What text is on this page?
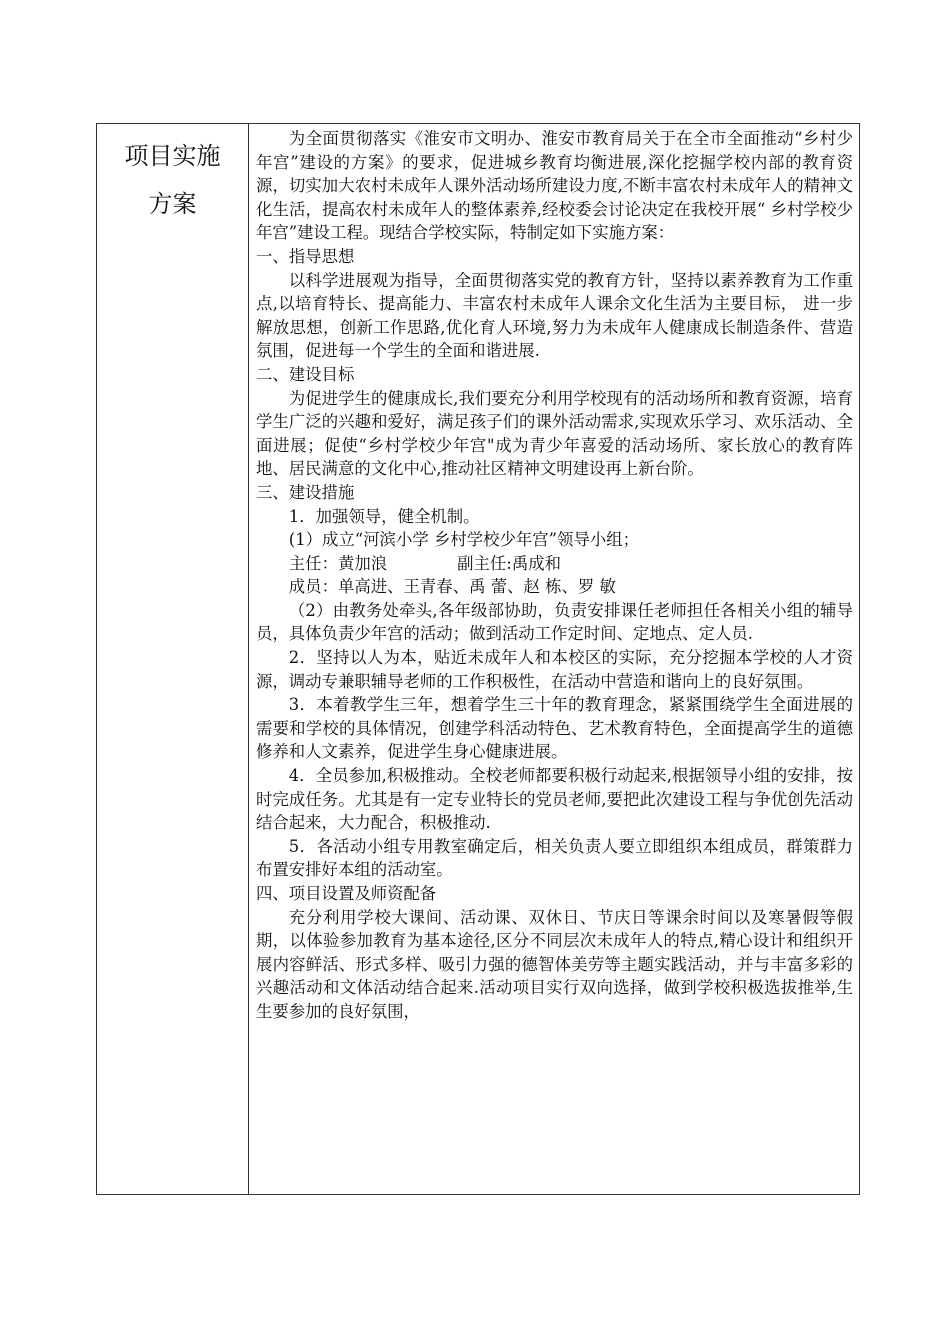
项目实施
方案

为全面贯彻落实《淮安市文明办、淮安市教育局关于在全市全面推动“乡村少年宫”建设的方案》的要求，促进城乡教育均衡进展,深化挖掘学校内部的教育资源，切实加大农村未成年人课外活动场所建设力度,不断丰富农村未成年人的精神文化生活，提高农村未成年人的整体素养,经校委会讨论决定在我校开展“ 乡村学校少年宫”建设工程。现结合学校实际，特制定如下实施方案：

一、指导思想

以科学进展观为指导，全面贯彻落实党的教育方针，坚持以素养教育为工作重点,以培育特长、提高能力、丰富农村未成年人课余文化生活为主要目标， 进一步解放思想，创新工作思路,优化育人环境,努力为未成年人健康成长制造条件、营造氛围，促进每一个学生的全面和谐进展.

二、建设目标

为促进学生的健康成长,我们要充分利用学校现有的活动场所和教育资源，培育学生广泛的兴趣和爱好，满足孩子们的课外活动需求,实现欢乐学习、欢乐活动、全面进展；促使“乡村学校少年宫"成为青少年喜爱的活动场所、家长放心的教育阵地、居民满意的文化中心,推动社区精神文明建设再上新台阶。

三、建设措施

1．加强领导，健全机制。

(1）成立“河滨小学 乡村学校少年宫”领导小组；

主任：黄加浪	副主任:禹成和

成员：单高进、王青春、禹 蕾、赵 栋、罗 敏

（2）由教务处牵头,各年级部协助，负责安排课任老师担任各相关小组的辅导员，具体负责少年宫的活动；做到活动工作定时间、定地点、定人员.

2．坚持以人为本，贴近未成年人和本校区的实际，充分挖掘本学校的人才资源，调动专兼职辅导老师的工作积极性，在活动中营造和谐向上的良好氛围。

3．本着教学生三年，想着学生三十年的教育理念，紧紧围绕学生全面进展的需要和学校的具体情况，创建学科活动特色、艺术教育特色，全面提高学生的道德修养和人文素养，促进学生身心健康进展。

4．全员参加,积极推动。全校老师都要积极行动起来,根据领导小组的安排，按时完成任务。尤其是有一定专业特长的党员老师,要把此次建设工程与争优创先活动结合起来，大力配合，积极推动.

5．各活动小组专用教室确定后，相关负责人要立即组织本组成员，群策群力布置安排好本组的活动室。

四、项目设置及师资配备

充分利用学校大课间、活动课、双休日、节庆日等课余时间以及寒暑假等假期，以体验参加教育为基本途径,区分不同层次未成年人的特点,精心设计和组织开展内容鲜活、形式多样、吸引力强的德智体美劳等主题实践活动，并与丰富多彩的兴趣活动和文体活动结合起来.活动项目实行双向选择，做到学校积极选拔推举,生生要参加的良好氛围，
